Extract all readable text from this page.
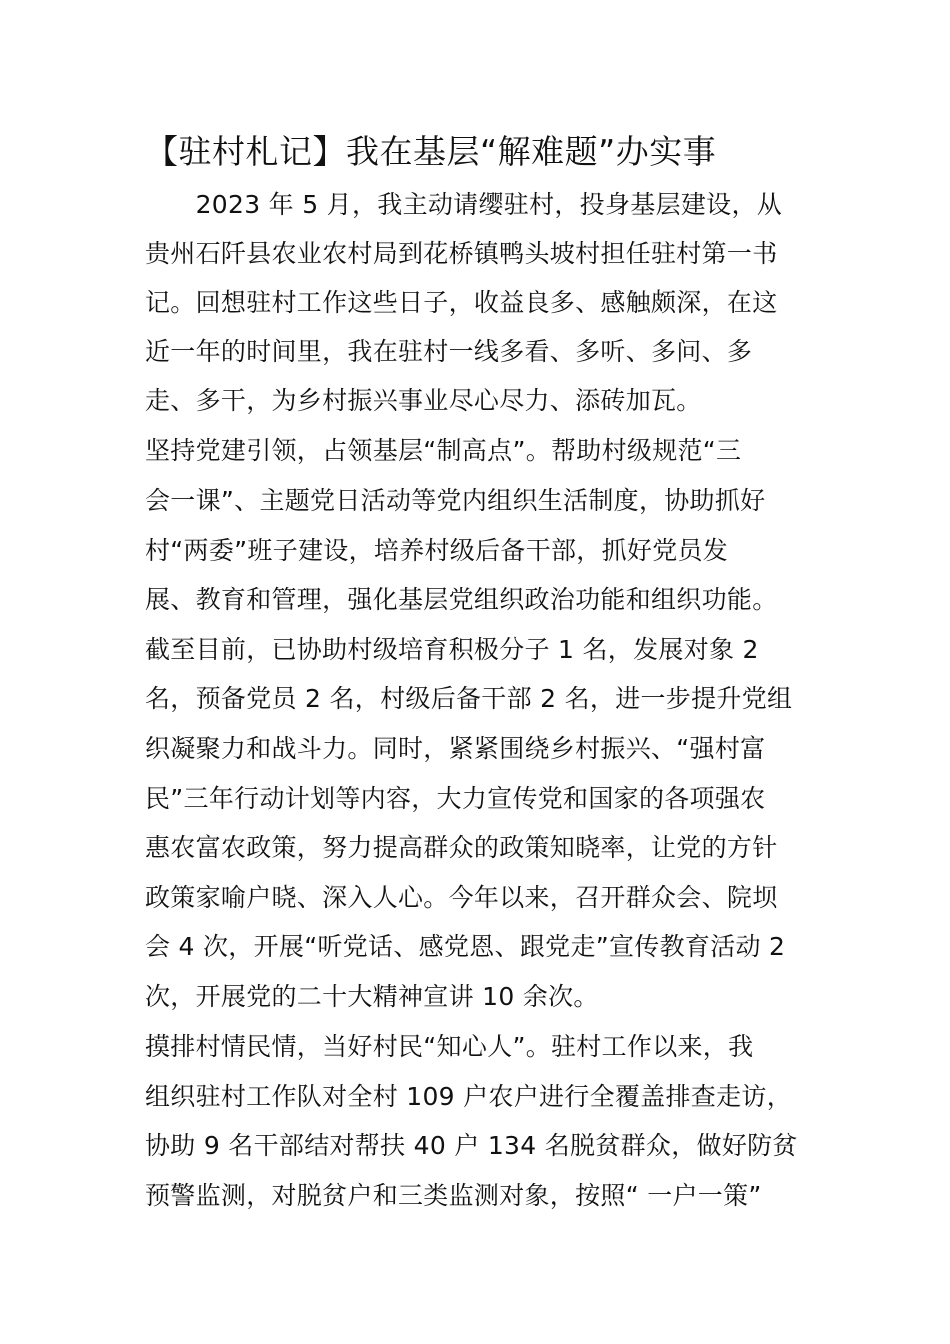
【驻村札记】我在基层“解难题”办实事

　　2023 年 5 月，我主动请缨驻村，投身基层建设，从

贵州石阡县农业农村局到花桥镇鸭头坡村担任驻村第一书

记。回想驻村工作这些日子，收益良多、感触颇深，在这

近一年的时间里，我在驻村一线多看、多听、多问、多

走、多干，为乡村振兴事业尽心尽力、添砖加瓦。

坚持党建引领，占领基层“制高点”。帮助村级规范“三

会一课”、主题党日活动等党内组织生活制度，协助抓好

村“两委”班子建设，培养村级后备干部，抓好党员发

展、教育和管理，强化基层党组织政治功能和组织功能。

截至目前，已协助村级培育积极分子 1 名，发展对象 2

名，预备党员 2 名，村级后备干部 2 名，进一步提升党组

织凝聚力和战斗力。同时，紧紧围绕乡村振兴、“强村富

民”三年行动计划等内容，大力宣传党和国家的各项强农

惠农富农政策，努力提高群众的政策知晓率，让党的方针

政策家喻户晓、深入人心。今年以来，召开群众会、院坝

会 4 次，开展“听党话、感党恩、跟党走”宣传教育活动 2

次，开展党的二十大精神宣讲 10 余次。

摸排村情民情，当好村民“知心人”。驻村工作以来，我

组织驻村工作队对全村 109 户农户进行全覆盖排查走访，

协助 9 名干部结对帮扶 40 户 134 名脱贫群众，做好防贫

预警监测，对脱贫户和三类监测对象，按照“ 一户一策”
